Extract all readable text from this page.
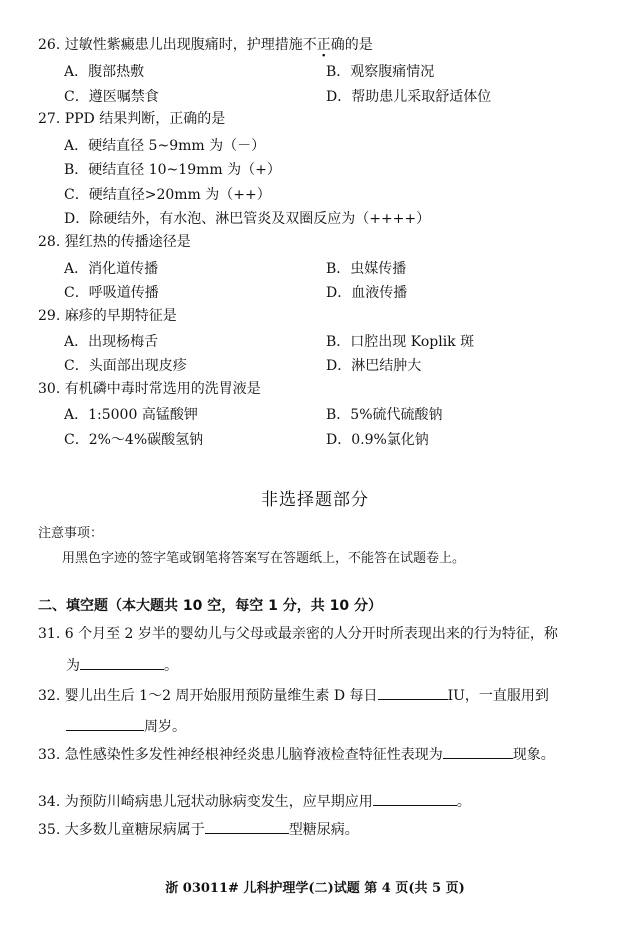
26. 过敏性紫癜患儿出现腹痛时，护理措施不正确的是
A．腹部热敷	B．观察腹痛情况
C．遵医嘱禁食	D．帮助患儿采取舒适体位
27. PPD 结果判断，正确的是
A．硬结直径 5~9mm 为（－）
B．硬结直径 10~19mm 为（+）
C．硬结直径>20mm 为（++）
D．除硬结外，有水泡、淋巴管炎及双圈反应为（++++）
28. 猩红热的传播途径是
A．消化道传播	B．虫媒传播
C．呼吸道传播	D．血液传播
29. 麻疹的早期特征是
A．出现杨梅舌	B．口腔出现 Koplik 斑
C．头面部出现皮疹	D．淋巴结肿大
30. 有机磷中毒时常选用的洗胃液是
A．1:5000 高锰酸钾	B．5%硫代硫酸钠
C．2%～4%碳酸氢钠	D．0.9%氯化钠
非选择题部分
注意事项：
用黑色字迹的签字笔或钢笔将答案写在答题纸上，不能答在试题卷上。
二、填空题（本大题共 10 空，每空 1 分，共 10 分）
31. 6 个月至 2 岁半的婴幼儿与父母或最亲密的人分开时所表现出来的行为特征，称
为	。
32. 婴儿出生后 1～2 周开始服用预防量维生素 D 每日	IU，一直服用到
周岁。
33. 急性感染性多发性神经根神经炎患儿脑脊液检查特征性表现为	现象。
34. 为预防川崎病患儿冠状动脉病变发生，应早期应用	。
35. 大多数儿童糖尿病属于	型糖尿病。
浙 03011# 儿科护理学(二)试题 第 4 页(共 5 页)
